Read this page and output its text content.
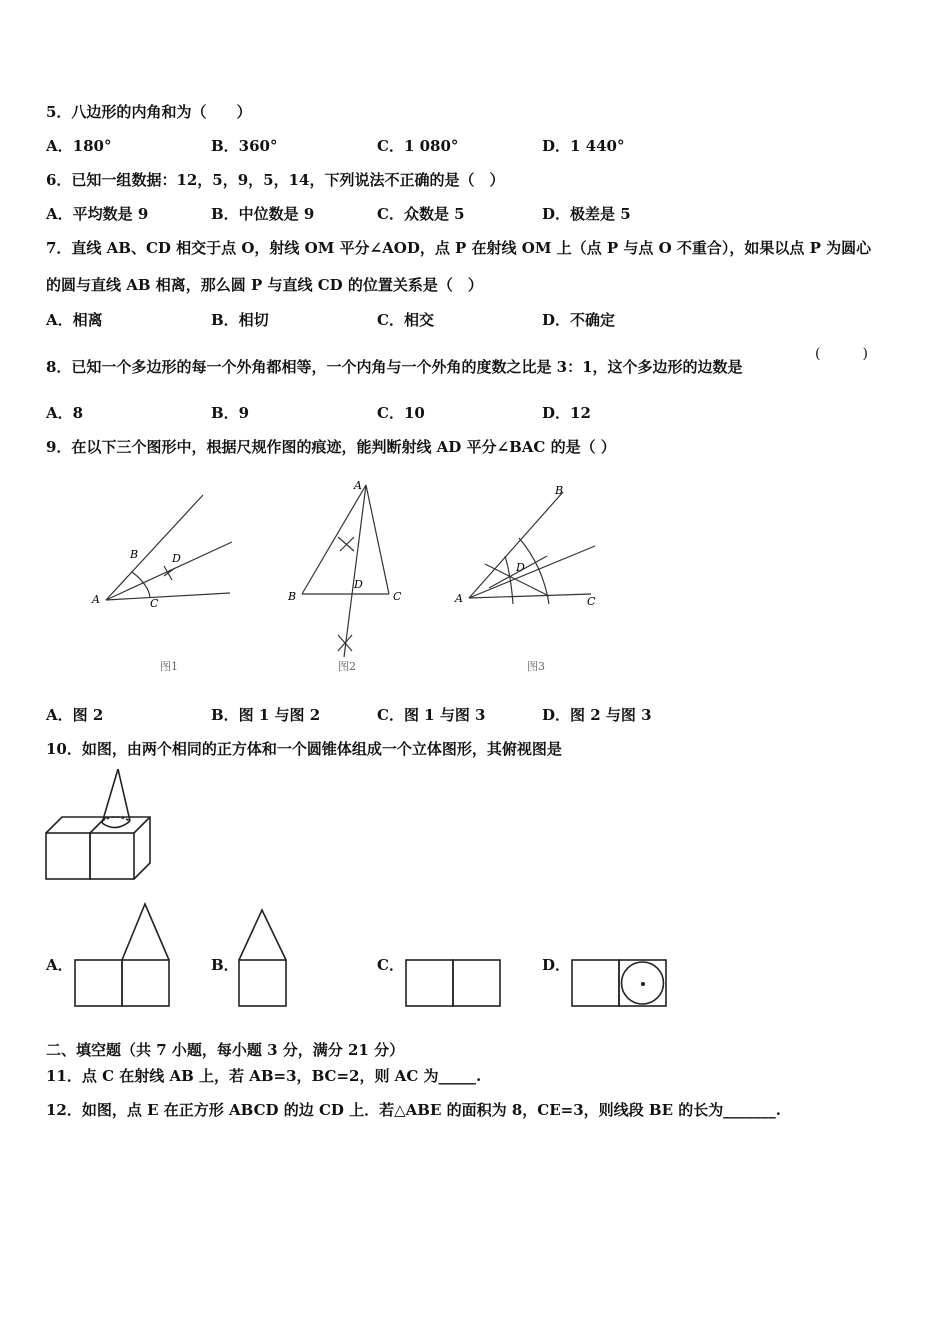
5．八边形的内角和为（　　）
A．180°	B．360°	C．1 080°	D．1 440°
6．已知一组数据：12，5，9，5，14，下列说法不正确的是（　）
A．平均数是 9	B．中位数是 9	C．众数是 5	D．极差是 5
7．直线 AB、CD 相交于点 O，射线 OM 平分∠AOD，点 P 在射线 OM 上（点 P 与点 O 不重合），如果以点 P 为圆心
的圆与直线 AB 相离，那么圆 P 与直线 CD 的位置关系是（　）
A．相离	B．相切	C．相交	D．不确定
8．已知一个多边形的每一个外角都相等，一个内角与一个外角的度数之比是 3：1，这个多边形的边数是
(　　　)
A．8	B．9	C．10	D．12
9．在以下三个图形中，根据尺规作图的痕迹，能判断射线 AD 平分∠BAC 的是（ ）
A
B
C
D
图1
A
B	C
D
图2
A
B
C
D
图3
A．图 2	B．图 1 与图 2	C．图 1 与图 3	D．图 2 与图 3
10．如图，由两个相同的正方体和一个圆锥体组成一个立体图形，其俯视图是
A．	B．	C．	D．
二、填空题（共 7 小题，每小题 3 分，满分 21 分）
11．点 C 在射线 AB 上，若 AB=3，BC=2，则 AC 为_____.
12．如图，点 E 在正方形 ABCD 的边 CD 上．若△ABE 的面积为 8，CE=3，则线段 BE 的长为_______.
